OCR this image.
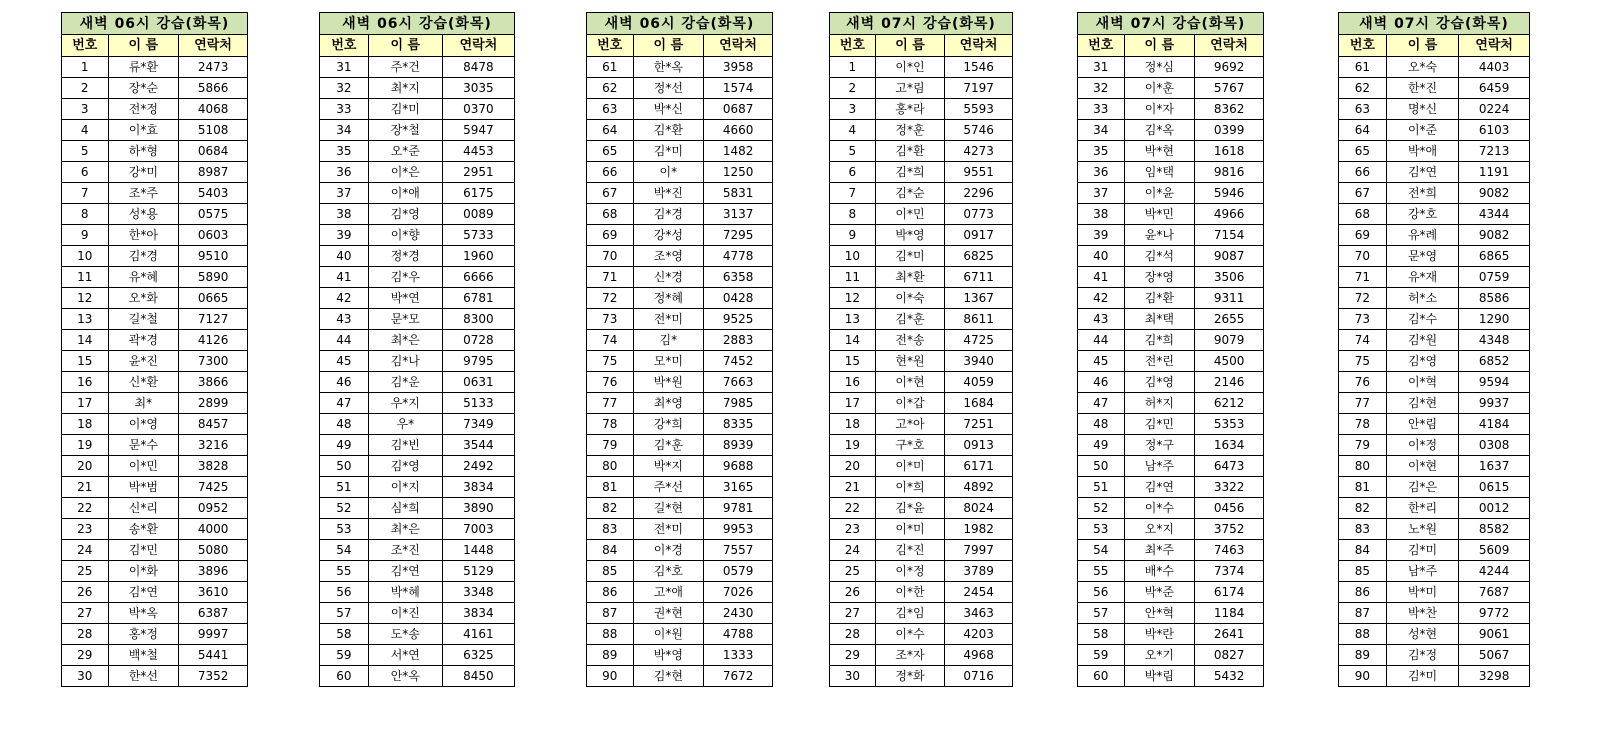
새벽 06시 강습(화목)		
번호	이 름	연락처
1	류*환	2473
2	장*순	5866
3	전*정	4068
4	이*효	5108
5	하*형	0684
6	강*미	8987
7	조*주	5403
8	성*용	0575
9	한*아	0603
10	김*경	9510
11	유*혜	5890
12	오*화	0665
13	길*철	7127
14	곽*경	4126
15	윤*진	7300
16	신*환	3866
17	최*	2899
18	이*영	8457
19	문*수	3216
20	이*민	3828
21	박*범	7425
22	신*리	0952
23	송*환	4000
24	김*민	5080
25	이*화	3896
26	김*연	3610
27	박*옥	6387
28	홍*정	9997
29	백*철	5441
30	한*선	7352
새벽 06시 강습(화목)		
번호	이 름	연락처
31	주*건	8478
32	최*지	3035
33	김*미	0370
34	장*철	5947
35	오*준	4453
36	이*은	2951
37	이*애	6175
38	김*영	0089
39	이*향	5733
40	정*경	1960
41	김*우	6666
42	박*연	6781
43	문*모	8300
44	최*은	0728
45	김*나	9795
46	김*운	0631
47	우*지	5133
48	우*	7349
49	김*빈	3544
50	김*영	2492
51	이*지	3834
52	심*희	3890
53	최*은	7003
54	조*진	1448
55	김*연	5129
56	박*혜	3348
57	이*진	3834
58	도*송	4161
59	서*연	6325
60	안*옥	8450
새벽 06시 강습(화목)		
번호	이 름	연락처
61	한*옥	3958
62	정*선	1574
63	박*신	0687
64	김*환	4660
65	김*미	1482
66	이*	1250
67	박*진	5831
68	김*경	3137
69	강*성	7295
70	조*영	4778
71	신*경	6358
72	정*혜	0428
73	전*미	9525
74	김*	2883
75	모*미	7452
76	박*원	7663
77	최*영	7985
78	강*희	8335
79	김*훈	8939
80	박*지	9688
81	주*선	3165
82	길*현	9781
83	전*미	9953
84	이*경	7557
85	김*호	0579
86	고*애	7026
87	권*현	2430
88	이*원	4788
89	박*영	1333
90	김*현	7672
새벽 07시 강습(화목)		
번호	이 름	연락처
1	이*인	1546
2	고*림	7197
3	홍*라	5593
4	정*훈	5746
5	김*환	4273
6	김*희	9551
7	김*순	2296
8	이*민	0773
9	박*영	0917
10	김*미	6825
11	최*환	6711
12	이*숙	1367
13	김*훈	8611
14	전*송	4725
15	현*원	3940
16	이*현	4059
17	이*갑	1684
18	고*아	7251
19	구*호	0913
20	이*미	6171
21	이*희	4892
22	김*윤	8024
23	이*미	1982
24	김*진	7997
25	이*정	3789
26	이*한	2454
27	김*임	3463
28	이*수	4203
29	조*자	4968
30	정*화	0716
새벽 07시 강습(화목)		
번호	이 름	연락처
31	정*심	9692
32	이*훈	5767
33	이*자	8362
34	김*옥	0399
35	박*현	1618
36	임*택	9816
37	이*윤	5946
38	박*민	4966
39	윤*나	7154
40	김*석	9087
41	장*영	3506
42	김*환	9311
43	최*택	2655
44	김*희	9079
45	전*린	4500
46	김*영	2146
47	허*지	6212
48	김*민	5353
49	정*구	1634
50	남*주	6473
51	김*연	3322
52	이*수	0456
53	오*지	3752
54	최*주	7463
55	배*수	7374
56	박*준	6174
57	안*혁	1184
58	박*란	2641
59	오*기	0827
60	박*림	5432
새벽 07시 강습(화목)		
번호	이 름	연락처
61	오*숙	4403
62	한*진	6459
63	명*신	0224
64	이*준	6103
65	박*애	7213
66	김*연	1191
67	전*희	9082
68	강*호	4344
69	유*례	9082
70	문*영	6865
71	유*재	0759
72	허*소	8586
73	김*수	1290
74	김*원	4348
75	김*영	6852
76	이*혁	9594
77	김*현	9937
78	안*림	4184
79	이*정	0308
80	이*현	1637
81	김*은	0615
82	한*리	0012
83	노*원	8582
84	김*미	5609
85	남*주	4244
86	박*미	7687
87	박*찬	9772
88	성*현	9061
89	김*정	5067
90	김*미	3298
